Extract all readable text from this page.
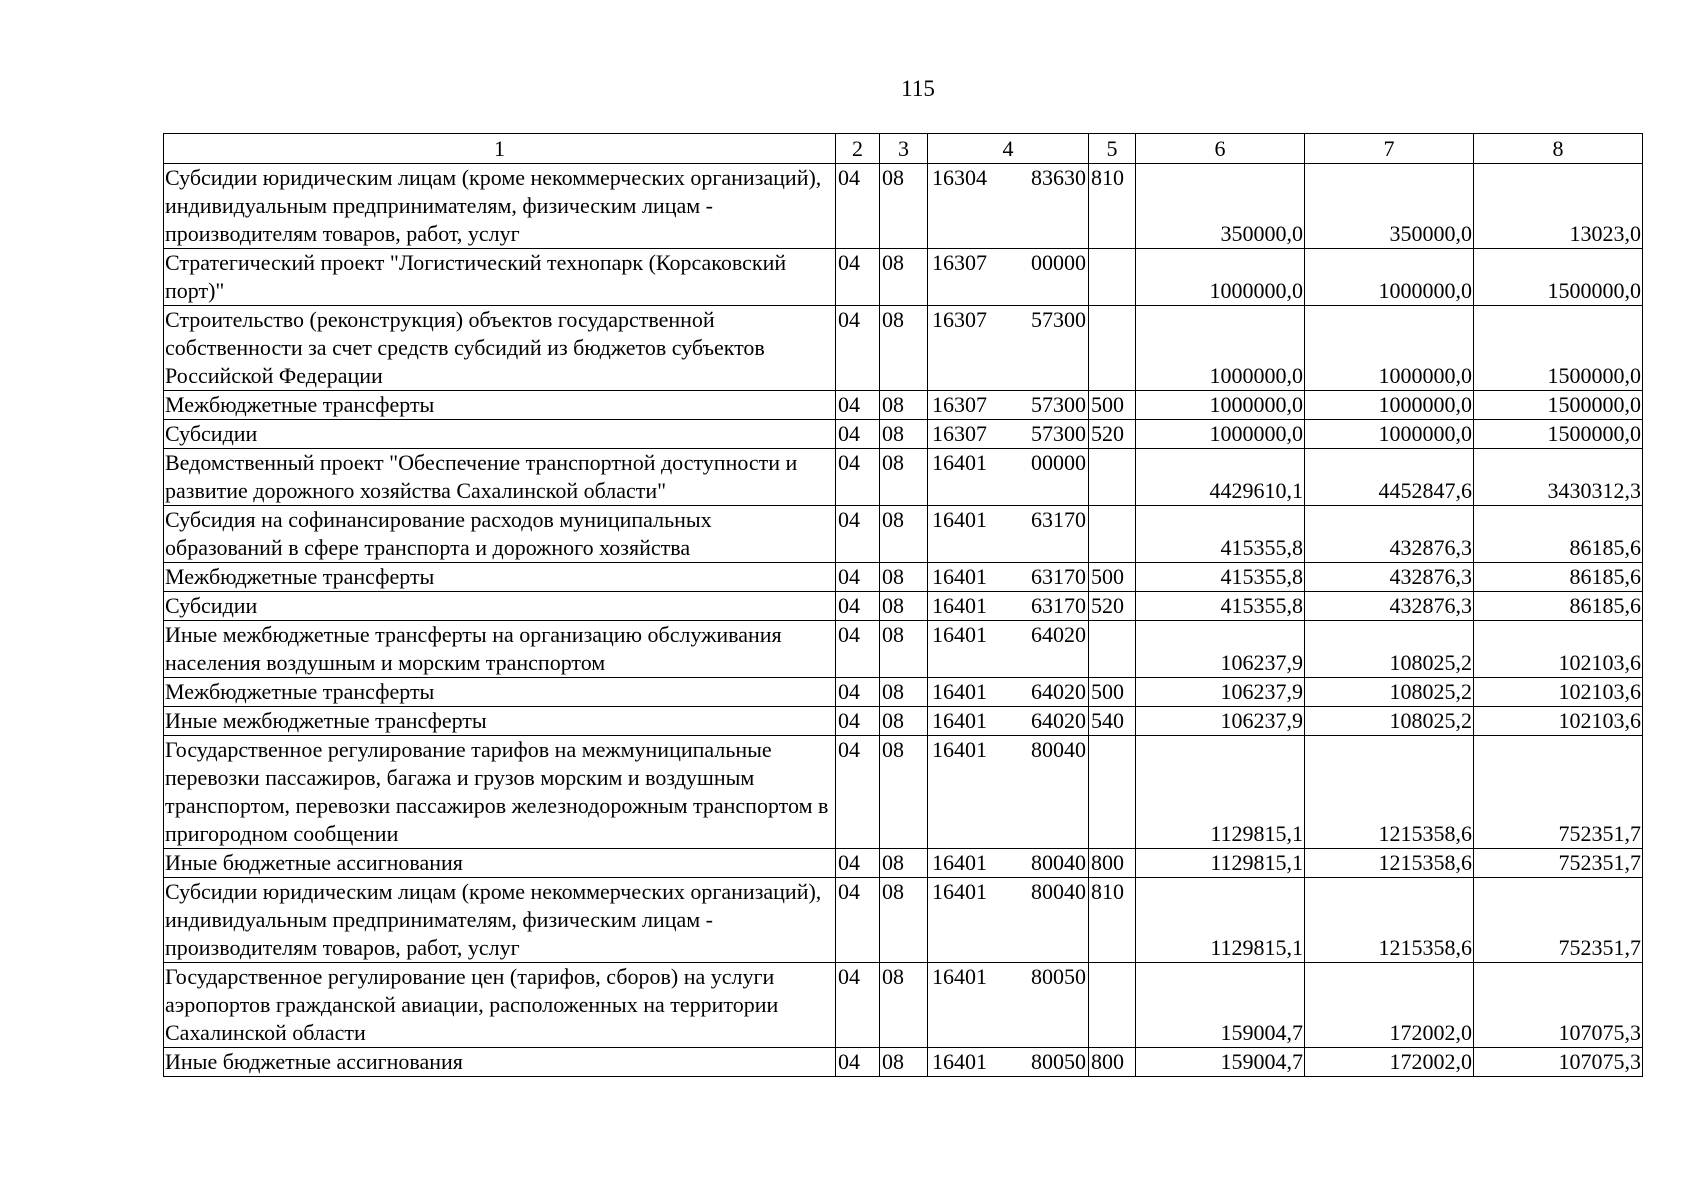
115
1	2	3	4	5	6	7	8
Субсидии юридическим лицам (кроме некоммерческих организаций), индивидуальным предпринимателям, физическим лицам - производителям товаров, работ, услуг	04	08	16304 83630	810	350000,0	350000,0	13023,0
Стратегический проект "Логистический технопарк (Корсаковский порт)"	04	08	16307 00000		1000000,0	1000000,0	1500000,0
Строительство (реконструкция) объектов государственной собственности за счет средств субсидий из бюджетов субъектов Российской Федерации	04	08	16307 57300		1000000,0	1000000,0	1500000,0
Межбюджетные трансферты	04	08	16307 57300	500	1000000,0	1000000,0	1500000,0
Субсидии	04	08	16307 57300	520	1000000,0	1000000,0	1500000,0
Ведомственный проект "Обеспечение транспортной доступности и развитие дорожного хозяйства Сахалинской области"	04	08	16401 00000		4429610,1	4452847,6	3430312,3
Субсидия на софинансирование расходов муниципальных образований в сфере транспорта и дорожного хозяйства	04	08	16401 63170		415355,8	432876,3	86185,6
Межбюджетные трансферты	04	08	16401 63170	500	415355,8	432876,3	86185,6
Субсидии	04	08	16401 63170	520	415355,8	432876,3	86185,6
Иные межбюджетные трансферты на организацию обслуживания населения воздушным и морским транспортом	04	08	16401 64020		106237,9	108025,2	102103,6
Межбюджетные трансферты	04	08	16401 64020	500	106237,9	108025,2	102103,6
Иные межбюджетные трансферты	04	08	16401 64020	540	106237,9	108025,2	102103,6
Государственное регулирование тарифов на межмуниципальные перевозки пассажиров, багажа и грузов морским и воздушным транспортом, перевозки пассажиров железнодорожным транспортом в пригородном сообщении	04	08	16401 80040		1129815,1	1215358,6	752351,7
Иные бюджетные ассигнования	04	08	16401 80040	800	1129815,1	1215358,6	752351,7
Субсидии юридическим лицам (кроме некоммерческих организаций), индивидуальным предпринимателям, физическим лицам - производителям товаров, работ, услуг	04	08	16401 80040	810	1129815,1	1215358,6	752351,7
Государственное регулирование цен (тарифов, сборов) на услуги аэропортов гражданской авиации, расположенных на территории Сахалинской области	04	08	16401 80050		159004,7	172002,0	107075,3
Иные бюджетные ассигнования	04	08	16401 80050	800	159004,7	172002,0	107075,3
